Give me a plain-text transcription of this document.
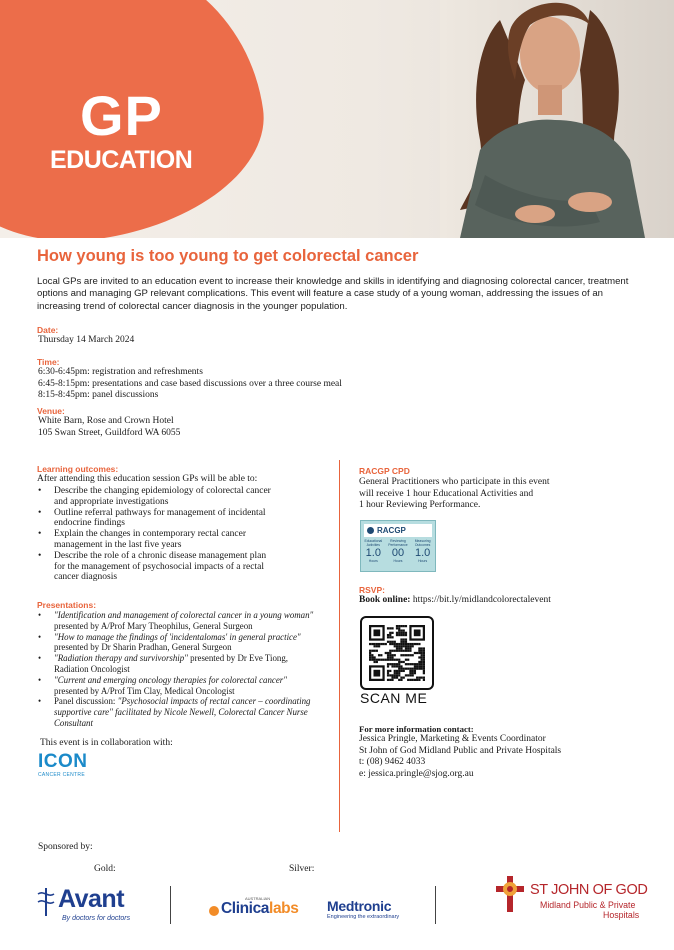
GP
EDUCATION
How young is too young to get colorectal cancer
Local GPs are invited to an education event to increase their knowledge and skills in identifying and diagnosing colorectal cancer, treatment options and managing GP relevant complications. This event will feature a case study of a young woman, addressing the issues of an increasing trend of colorectal cancer diagnosis in the younger population.
Date:
Thursday 14 March 2024
Time:
6:30-6:45pm: registration and refreshments
6:45-8:15pm: presentations and case based discussions over a three course meal
8:15-8:45pm: panel discussions
Venue:
White Barn, Rose and Crown Hotel
105 Swan Street, Guildford WA 6055
Learning outcomes:
After attending this education session GPs will be able to:
• Describe the changing epidemiology of colorectal cancer
and appropriate investigations
• Outline referral pathways for management of incidental
endocrine findings
• Explain the changes in contemporary rectal cancer
management in the last five years
• Describe the role of a chronic disease management plan
for the management of psychosocial impacts of a rectal
cancer diagnosis
Presentations:
• "Identification and management of colorectal cancer in a young woman"
presented by A/Prof Mary Theophilus, General Surgeon
• "How to manage the findings of 'incidentalomas' in general practice"
presented by Dr Sharin Pradhan, General Surgeon
• "Radiation therapy and survivorship" presented by Dr Eve Tiong,
Radiation Oncologist
• "Current and emerging oncology therapies for colorectal cancer"
presented by A/Prof Tim Clay, Medical Oncologist
• Panel discussion: "Psychosocial impacts of rectal cancer – coordinating
supportive care" facilitated by Nicole Newell, Colorectal Cancer Nurse
Consultant
This event is in collaboration with:
ICON
CANCER CENTRE
RACGP CPD
General Practitioners who participate in this event
will receive 1 hour Educational Activities and
1 hour Reviewing Performance.
RACGP
Educational Activities
1.0
Hours
Reviewing Performance
00
Hours
Measuring Outcomes
1.0
Hours
RSVP:
Book online: https://bit.ly/midlandcolorectalevent
SCAN ME
For more information contact:
Jessica Pringle, Marketing & Events Coordinator
St John of God Midland Public and Private Hospitals
t: (08) 9462 4033
e: jessica.pringle@sjog.org.au
Sponsored by:
Gold:	Silver:
Avant
By doctors for doctors
AUSTRALIAN
Clinicalabs Medtronic
Engineering the extraordinary
ST JOHN OF GOD
Midland Public & Private
Hospitals
